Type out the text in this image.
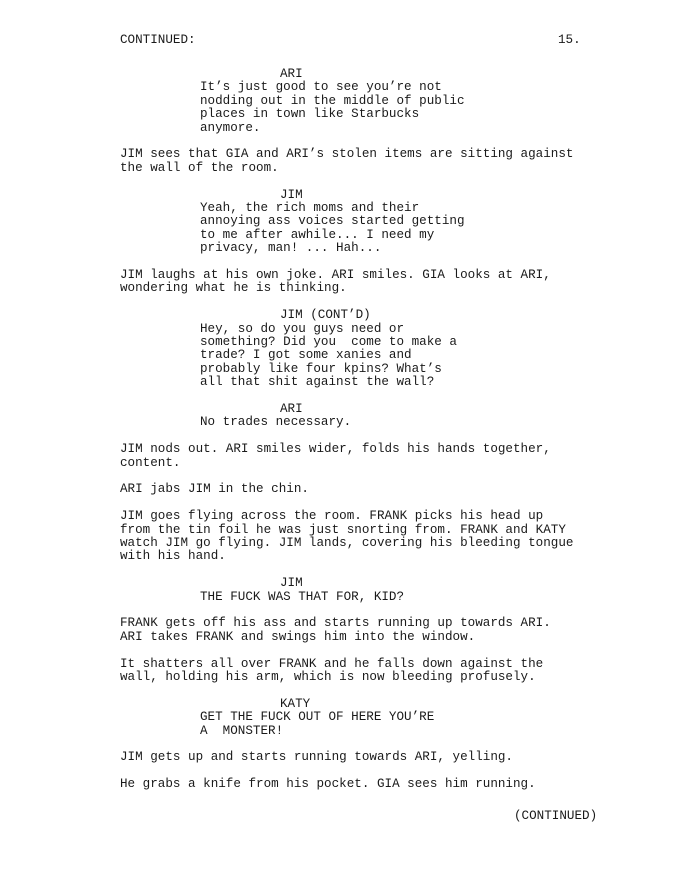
CONTINUED:	15.
ARI
It’s just good to see you’re not
nodding out in the middle of public
places in town like Starbucks
anymore.
JIM sees that GIA and ARI’s stolen items are sitting against
the wall of the room.
JIM
Yeah, the rich moms and their
annoying ass voices started getting
to me after awhile... I need my
privacy, man! ... Hah...
JIM laughs at his own joke. ARI smiles. GIA looks at ARI,
wondering what he is thinking.
JIM (CONT’D)
Hey, so do you guys need or
something? Did you  come to make a
trade? I got some xanies and
probably like four kpins? What’s
all that shit against the wall?
ARI
No trades necessary.
JIM nods out. ARI smiles wider, folds his hands together,
content.
ARI jabs JIM in the chin.
JIM goes flying across the room. FRANK picks his head up
from the tin foil he was just snorting from. FRANK and KATY
watch JIM go flying. JIM lands, covering his bleeding tongue
with his hand.
JIM
THE FUCK WAS THAT FOR, KID?
FRANK gets off his ass and starts running up towards ARI.
ARI takes FRANK and swings him into the window.
It shatters all over FRANK and he falls down against the
wall, holding his arm, which is now bleeding profusely.
KATY
GET THE FUCK OUT OF HERE YOU’RE
A  MONSTER!
JIM gets up and starts running towards ARI, yelling.
He grabs a knife from his pocket. GIA sees him running.
(CONTINUED)
